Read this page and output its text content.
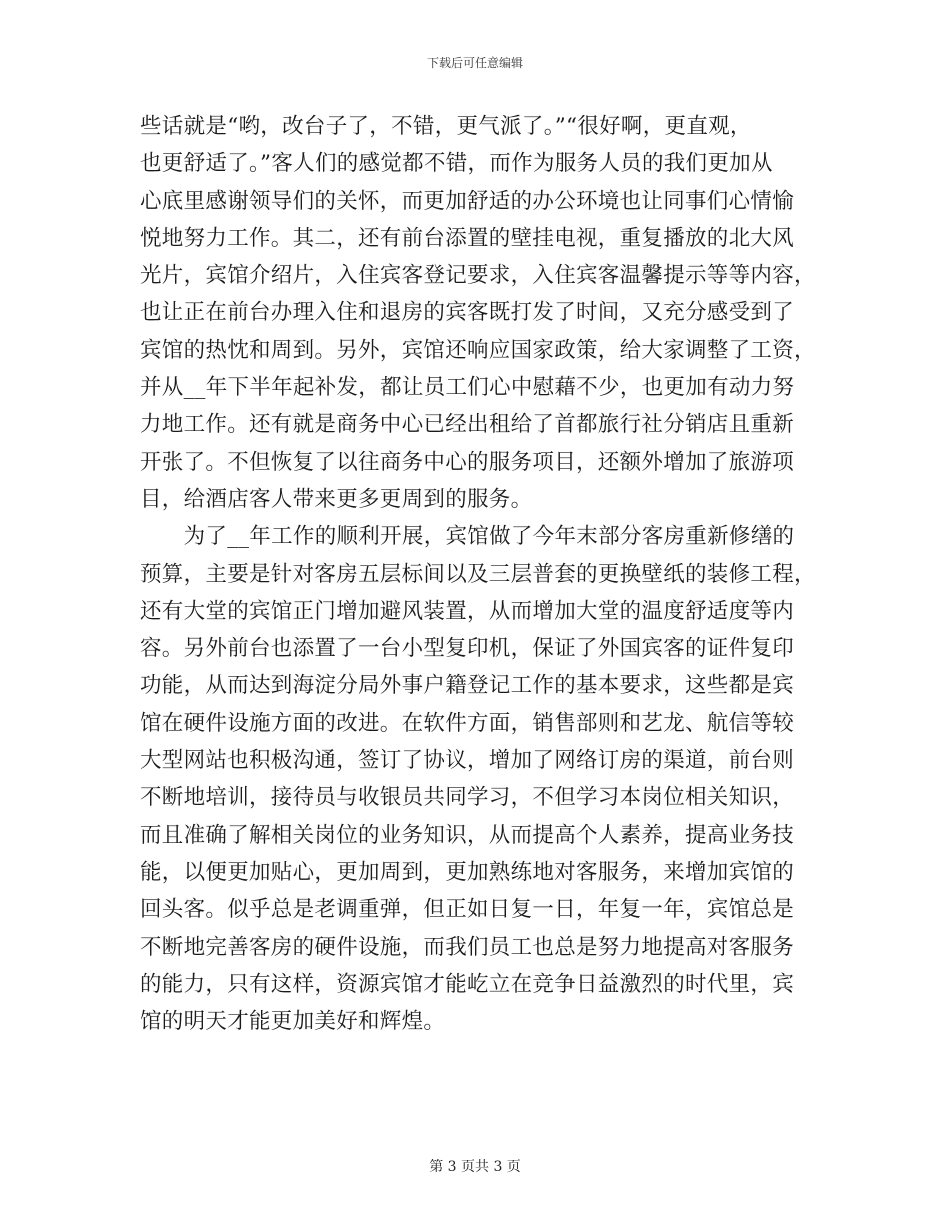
下载后可任意编辑
些话就是“哟，改台子了，不错，更气派了。”“很好啊，更直观，
也更舒适了。”客人们的感觉都不错，而作为服务人员的我们更加从
心底里感谢领导们的关怀，而更加舒适的办公环境也让同事们心情愉
悦地努力工作。其二，还有前台添置的壁挂电视，重复播放的北大风
光片，宾馆介绍片，入住宾客登记要求，入住宾客温馨提示等等内容，
也让正在前台办理入住和退房的宾客既打发了时间，又充分感受到了
宾馆的热忱和周到。另外，宾馆还响应国家政策，给大家调整了工资，
并从__年下半年起补发，都让员工们心中慰藉不少，也更加有动力努
力地工作。还有就是商务中心已经出租给了首都旅行社分销店且重新
开张了。不但恢复了以往商务中心的服务项目，还额外增加了旅游项
目，给酒店客人带来更多更周到的服务。
　　为了__年工作的顺利开展，宾馆做了今年末部分客房重新修缮的
预算，主要是针对客房五层标间以及三层普套的更换壁纸的装修工程，
还有大堂的宾馆正门增加避风装置，从而增加大堂的温度舒适度等内
容。另外前台也添置了一台小型复印机，保证了外国宾客的证件复印
功能，从而达到海淀分局外事户籍登记工作的基本要求，这些都是宾
馆在硬件设施方面的改进。在软件方面，销售部则和艺龙、航信等较
大型网站也积极沟通，签订了协议，增加了网络订房的渠道，前台则
不断地培训，接待员与收银员共同学习，不但学习本岗位相关知识，
而且准确了解相关岗位的业务知识，从而提高个人素养，提高业务技
能，以便更加贴心，更加周到，更加熟练地对客服务，来增加宾馆的
回头客。似乎总是老调重弹，但正如日复一日，年复一年，宾馆总是
不断地完善客房的硬件设施，而我们员工也总是努力地提高对客服务
的能力，只有这样，资源宾馆才能屹立在竞争日益激烈的时代里，宾
馆的明天才能更加美好和辉煌。
第 3 页共 3 页
